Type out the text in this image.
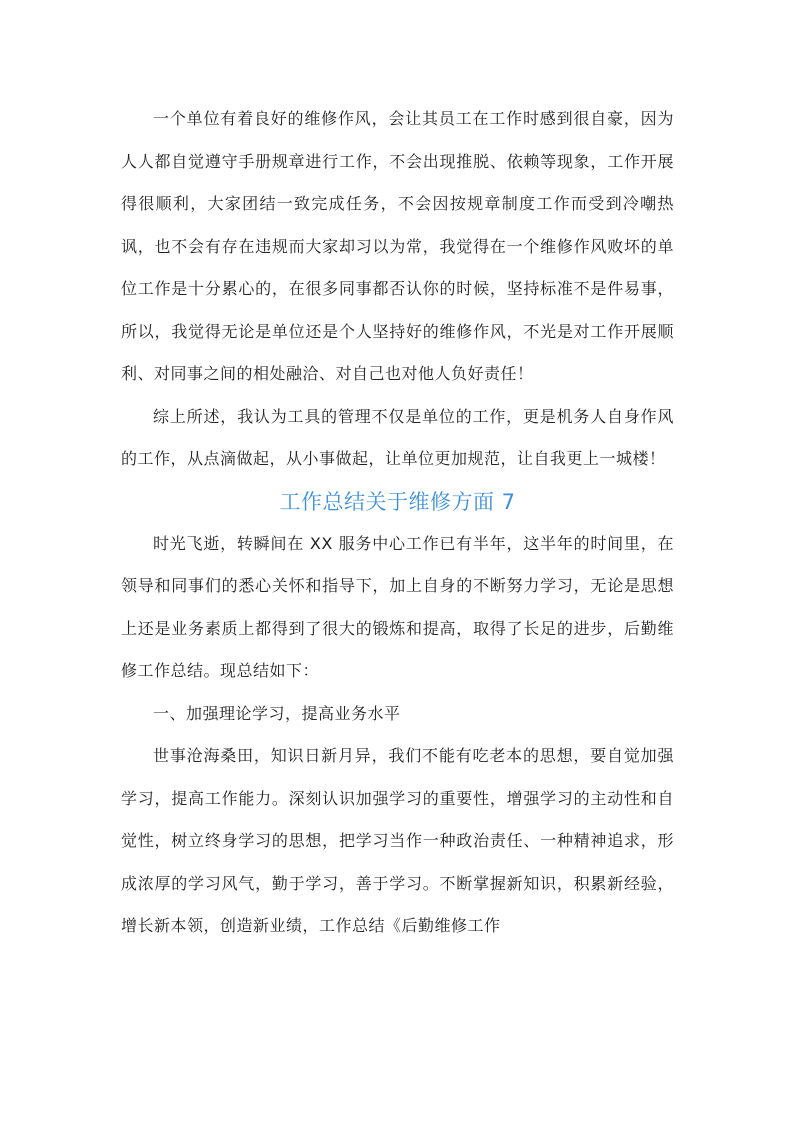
一个单位有着良好的维修作风，会让其员工在工作时感到很自豪，因为人人都自觉遵守手册规章进行工作，不会出现推脱、依赖等现象，工作开展得很顺利，大家团结一致完成任务，不会因按规章制度工作而受到冷嘲热讽，也不会有存在违规而大家却习以为常，我觉得在一个维修作风败坏的单位工作是十分累心的，在很多同事都否认你的时候，坚持标准不是件易事，所以，我觉得无论是单位还是个人坚持好的维修作风，不光是对工作开展顺利、对同事之间的相处融洽、对自己也对他人负好责任！

综上所述，我认为工具的管理不仅是单位的工作，更是机务人自身作风的工作，从点滴做起，从小事做起，让单位更加规范，让自我更上一城楼！

工作总结关于维修方面 7

时光飞逝，转瞬间在 XX 服务中心工作已有半年，这半年的时间里，在领导和同事们的悉心关怀和指导下，加上自身的不断努力学习，无论是思想上还是业务素质上都得到了很大的锻炼和提高，取得了长足的进步，后勤维修工作总结。现总结如下：

一、加强理论学习，提高业务水平

世事沧海桑田，知识日新月异，我们不能有吃老本的思想，要自觉加强学习，提高工作能力。深刻认识加强学习的重要性，增强学习的主动性和自觉性，树立终身学习的思想，把学习当作一种政治责任、一种精神追求，形成浓厚的学习风气，勤于学习，善于学习。不断掌握新知识，积累新经验，增长新本领，创造新业绩，工作总结《后勤维修工作
